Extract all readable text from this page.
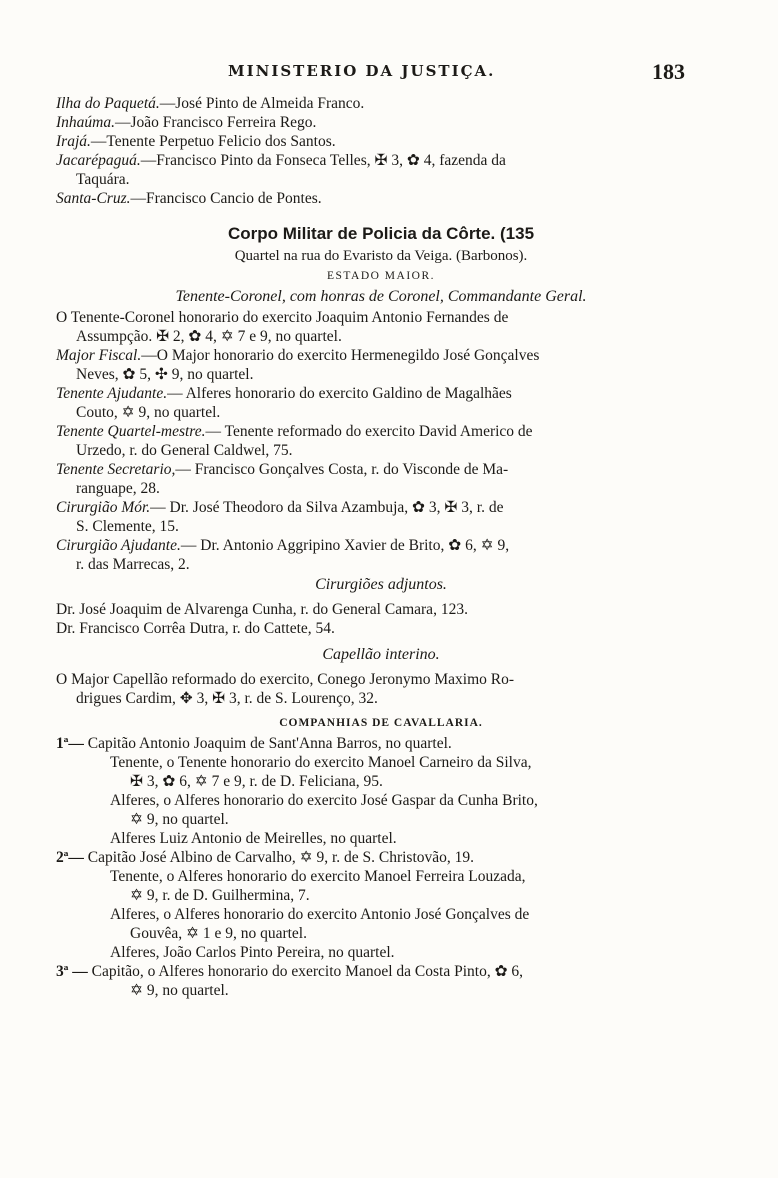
MINISTERIO DA JUSTIÇA.	183
Ilha do Paquetá.—José Pinto de Almeida Franco.
Inhaúma.—João Francisco Ferreira Rego.
Irajá.—Tenente Perpetuo Felicio dos Santos.
Jacarépaguá.—Francisco Pinto da Fonseca Telles, ✠ 3, ✿ 4, fazenda da
Taquára.
Santa-Cruz.—Francisco Cancio de Pontes.
Corpo Militar de Policia da Côrte. (135
Quartel na rua do Evaristo da Veiga. (Barbonos).
ESTADO MAIOR.
Tenente-Coronel, com honras de Coronel, Commandante Geral.
O Tenente-Coronel honorario do exercito Joaquim Antonio Fernandes de
Assumpção. ✠ 2, ✿ 4, ✡ 7 e 9, no quartel.
Major Fiscal.—O Major honorario do exercito Hermenegildo José Gonçalves
Neves, ✿ 5, ✣ 9, no quartel.
Tenente Ajudante.— Alferes honorario do exercito Galdino de Magalhães
Couto, ✡ 9, no quartel.
Tenente Quartel-mestre.— Tenente reformado do exercito David Americo de
Urzedo, r. do General Caldwel, 75.
Tenente Secretario,— Francisco Gonçalves Costa, r. do Visconde de Ma-
ranguape, 28.
Cirurgião Mór.— Dr. José Theodoro da Silva Azambuja, ✿ 3, ✠ 3, r. de
S. Clemente, 15.
Cirurgião Ajudante.— Dr. Antonio Aggripino Xavier de Brito, ✿ 6, ✡ 9,
r. das Marrecas, 2.
Cirurgiões adjuntos.
Dr. José Joaquim de Alvarenga Cunha, r. do General Camara, 123.
Dr. Francisco Corrêa Dutra, r. do Cattete, 54.
Capellão interino.
O Major Capellão reformado do exercito, Conego Jeronymo Maximo Ro-
drigues Cardim, ✥ 3, ✠ 3, r. de S. Lourenço, 32.
COMPANHIAS DE CAVALLARIA.
1ª— Capitão Antonio Joaquim de Sant'Anna Barros, no quartel.
Tenente, o Tenente honorario do exercito Manoel Carneiro da Silva,
✠ 3, ✿ 6, ✡ 7 e 9, r. de D. Feliciana, 95.
Alferes, o Alferes honorario do exercito José Gaspar da Cunha Brito,
✡ 9, no quartel.
Alferes Luiz Antonio de Meirelles, no quartel.
2ª— Capitão José Albino de Carvalho, ✡ 9, r. de S. Christovão, 19.
Tenente, o Alferes honorario do exercito Manoel Ferreira Louzada,
✡ 9, r. de D. Guilhermina, 7.
Alferes, o Alferes honorario do exercito Antonio José Gonçalves de
Gouvêa, ✡ 1 e 9, no quartel.
Alferes, João Carlos Pinto Pereira, no quartel.
3ª — Capitão, o Alferes honorario do exercito Manoel da Costa Pinto, ✿ 6,
✡ 9, no quartel.
